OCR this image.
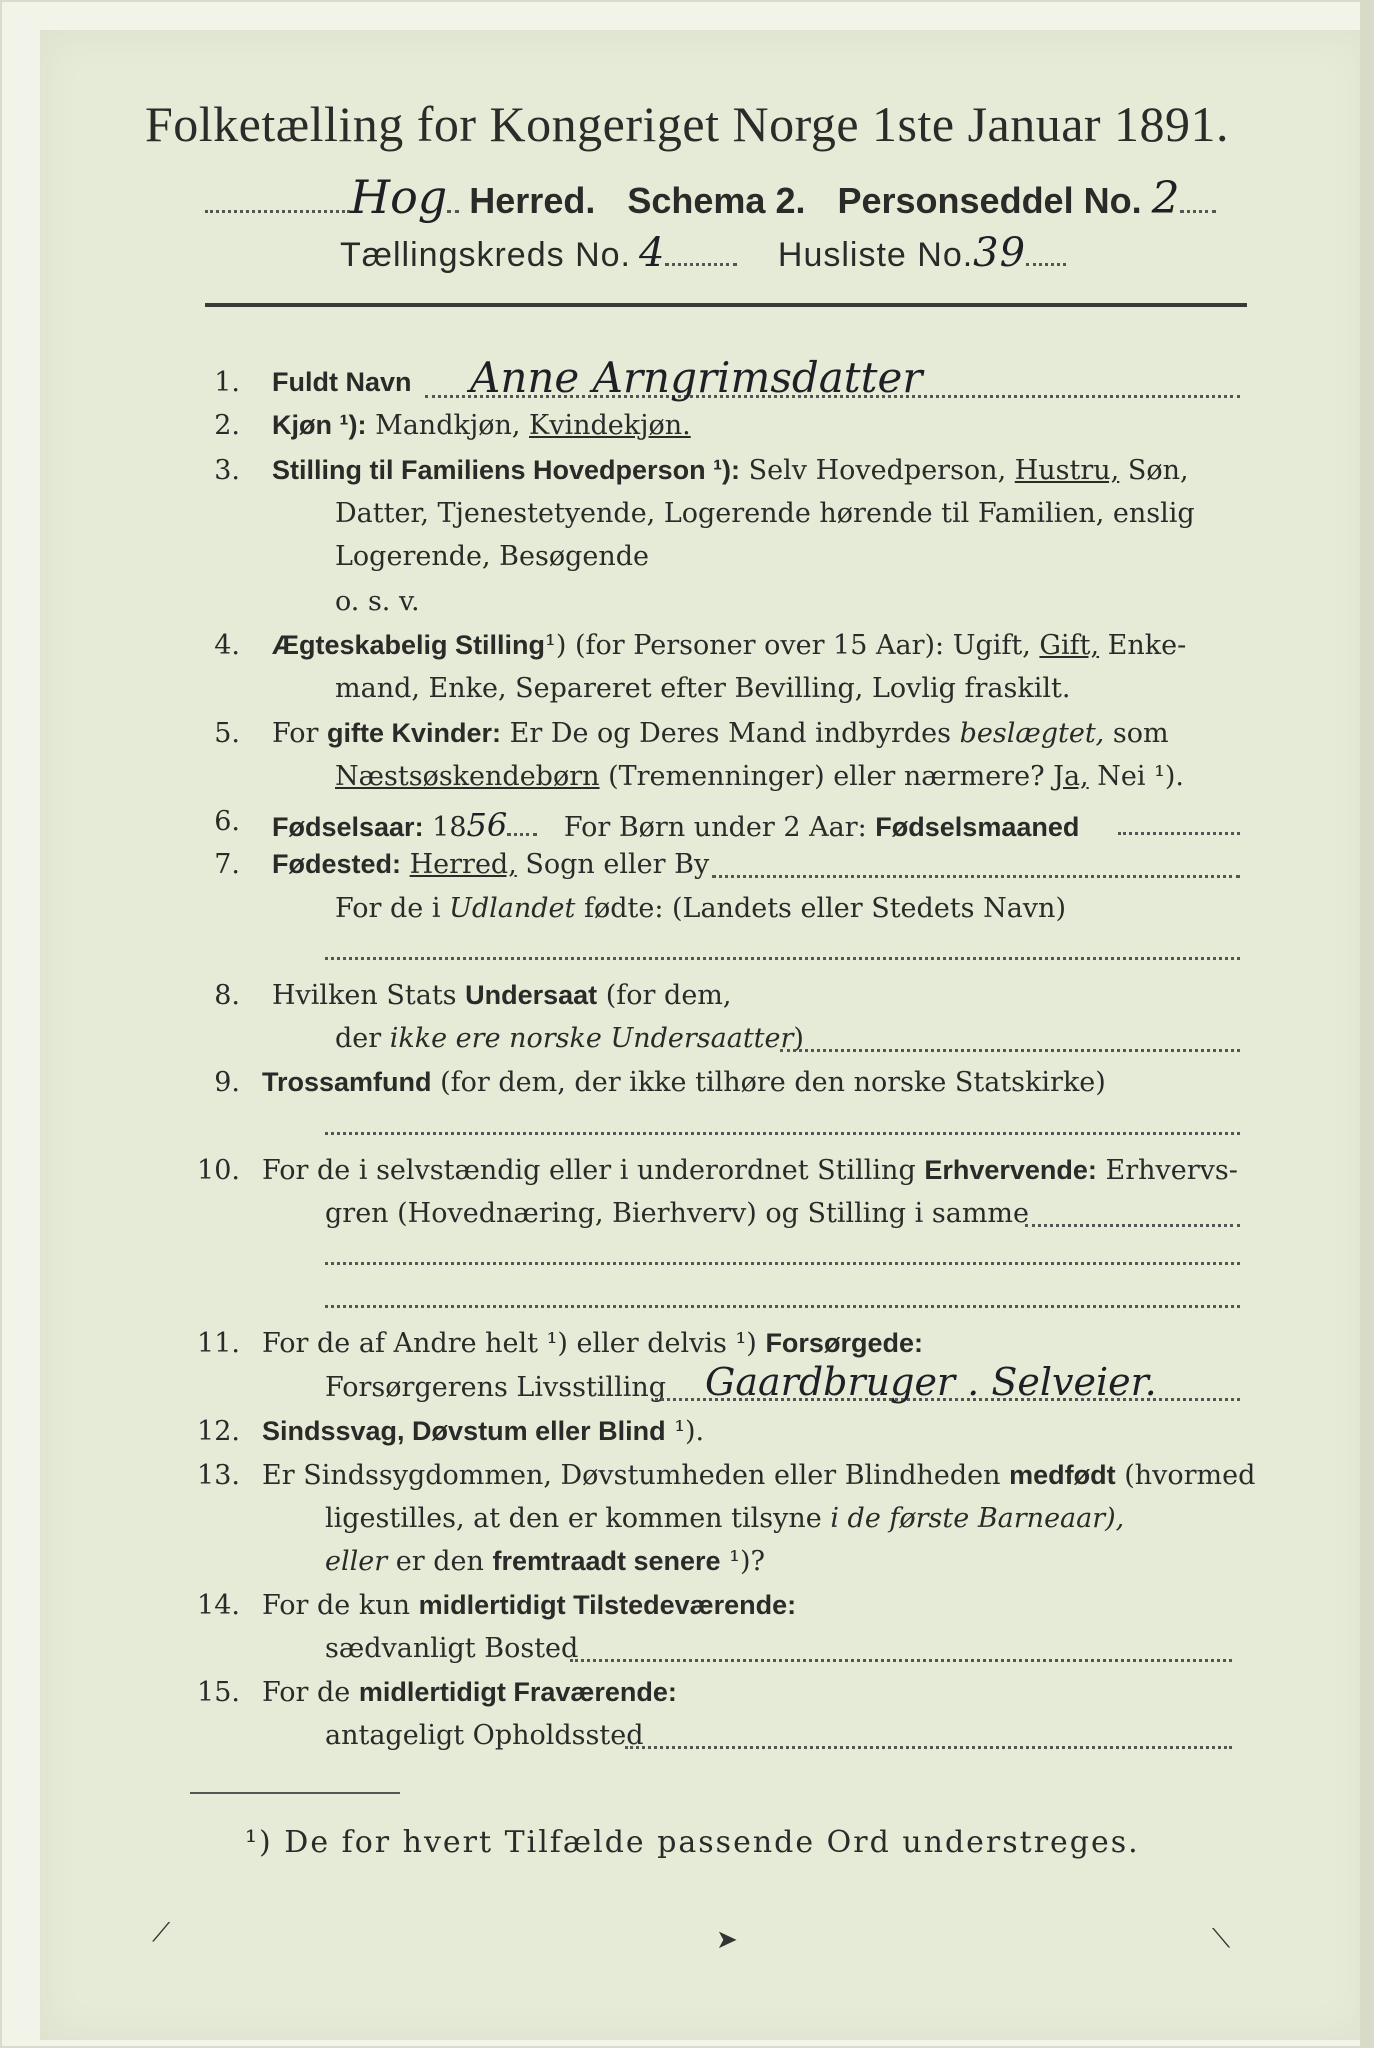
Folketælling for Kongeriget Norge 1ste Januar 1891.
Hog Herred. Schema 2. Personseddel No. 2
Tællingskreds No. 4	Husliste No.39
1. Fuldt Navn Anne Arngrimsdatter
2. Kjøn ¹): Mandkjøn, Kvindekjøn.
3. Stilling til Familiens Hovedperson ¹): Selv Hovedperson, Hustru, Søn,
Datter, Tjenestetyende, Logerende hørende til Familien, enslig
Logerende, Besøgende
o. s. v.
4. Ægteskabelig Stilling¹) (for Personer over 15 Aar): Ugift, Gift, Enke-
mand, Enke, Separeret efter Bevilling, Lovlig fraskilt.
5. For gifte Kvinder: Er De og Deres Mand indbyrdes beslægtet, som
Næstsøskendebørn (Tremenninger) eller nærmere? Ja, Nei ¹).
6. Fødselsaar: 1856 For Børn under 2 Aar: Fødselsmaaned
7. Fødested: Herred, Sogn eller By
For de i Udlandet fødte: (Landets eller Stedets Navn)
8. Hvilken Stats Undersaat (for dem,
der ikke ere norske Undersaatter)
9. Trossamfund (for dem, der ikke tilhøre den norske Statskirke)
10. For de i selvstændig eller i underordnet Stilling Erhvervende: Erhvervs-
gren (Hovednæring, Bierhverv) og Stilling i samme
11. For de af Andre helt ¹) eller delvis ¹) Forsørgede:
Forsørgerens Livsstilling Gaardbruger . Selveier.
12. Sindssvag, Døvstum eller Blind ¹).
13. Er Sindssygdommen, Døvstumheden eller Blindheden medfødt (hvormed
ligestilles, at den er kommen tilsyne i de første Barneaar),
eller er den fremtraadt senere ¹)?
14. For de kun midlertidigt Tilstedeværende:
sædvanligt Bosted
15. For de midlertidigt Fraværende:
antageligt Opholdssted
¹) De for hvert Tilfælde passende Ord understreges.
⟋	➤	⟍
